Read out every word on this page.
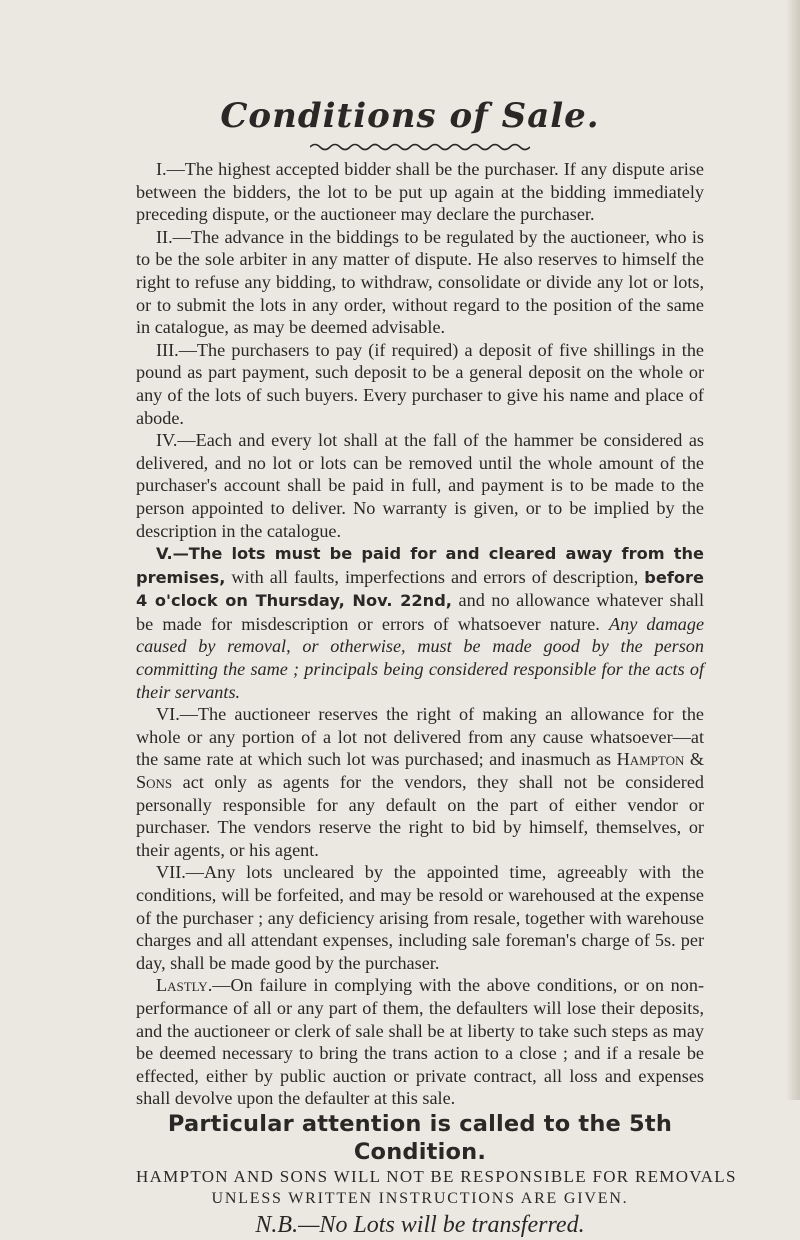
Conditions of Sale.

I.—The highest accepted bidder shall be the purchaser. If any dispute arise between the bidders, the lot to be put up again at the bidding immediately preceding dispute, or the auctioneer may declare the purchaser.

II.—The advance in the biddings to be regulated by the auctioneer, who is to be the sole arbiter in any matter of dispute. He also reserves to himself the right to refuse any bidding, to withdraw, consolidate or divide any lot or lots, or to submit the lots in any order, without regard to the position of the same in catalogue, as may be deemed advisable.

III.—The purchasers to pay (if required) a deposit of five shillings in the pound as part payment, such deposit to be a general deposit on the whole or any of the lots of such buyers. Every purchaser to give his name and place of abode.

IV.—Each and every lot shall at the fall of the hammer be considered as delivered, and no lot or lots can be removed until the whole amount of the purchaser's account shall be paid in full, and payment is to be made to the person appointed to deliver. No warranty is given, or to be implied by the description in the catalogue.

V.—The lots must be paid for and cleared away from the premises, with all faults, imperfections and errors of description, before 4 o'clock on Thursday, Nov. 22nd, and no allowance whatever shall be made for misdescription or errors of whatsoever nature. Any damage caused by removal, or otherwise, must be made good by the person committing the same ; principals being considered responsible for the acts of their servants.

VI.—The auctioneer reserves the right of making an allowance for the whole or any portion of a lot not delivered from any cause whatsoever—at the same rate at which such lot was purchased; and inasmuch as Hampton & Sons act only as agents for the vendors, they shall not be considered personally responsible for any default on the part of either vendor or purchaser. The vendors reserve the right to bid by himself, themselves, or their agents, or his agent.

VII.—Any lots uncleared by the appointed time, agreeably with the conditions, will be forfeited, and may be resold or warehoused at the expense of the purchaser ; any deficiency arising from resale, together with warehouse charges and all attendant expenses, including sale foreman's charge of 5s. per day, shall be made good by the purchaser.

Lastly.—On failure in complying with the above conditions, or on non-performance of all or any part of them, the defaulters will lose their deposits, and the auctioneer or clerk of sale shall be at liberty to take such steps as may be deemed necessary to bring the trans action to a close ; and if a resale be effected, either by public auction or private contract, all loss and expenses shall devolve upon the defaulter at this sale.

Particular attention is called to the 5th Condition.

HAMPTON AND SONS WILL NOT BE RESPONSIBLE FOR REMOVALS

UNLESS WRITTEN INSTRUCTIONS ARE GIVEN.

N.B.—No Lots will be transferred.
